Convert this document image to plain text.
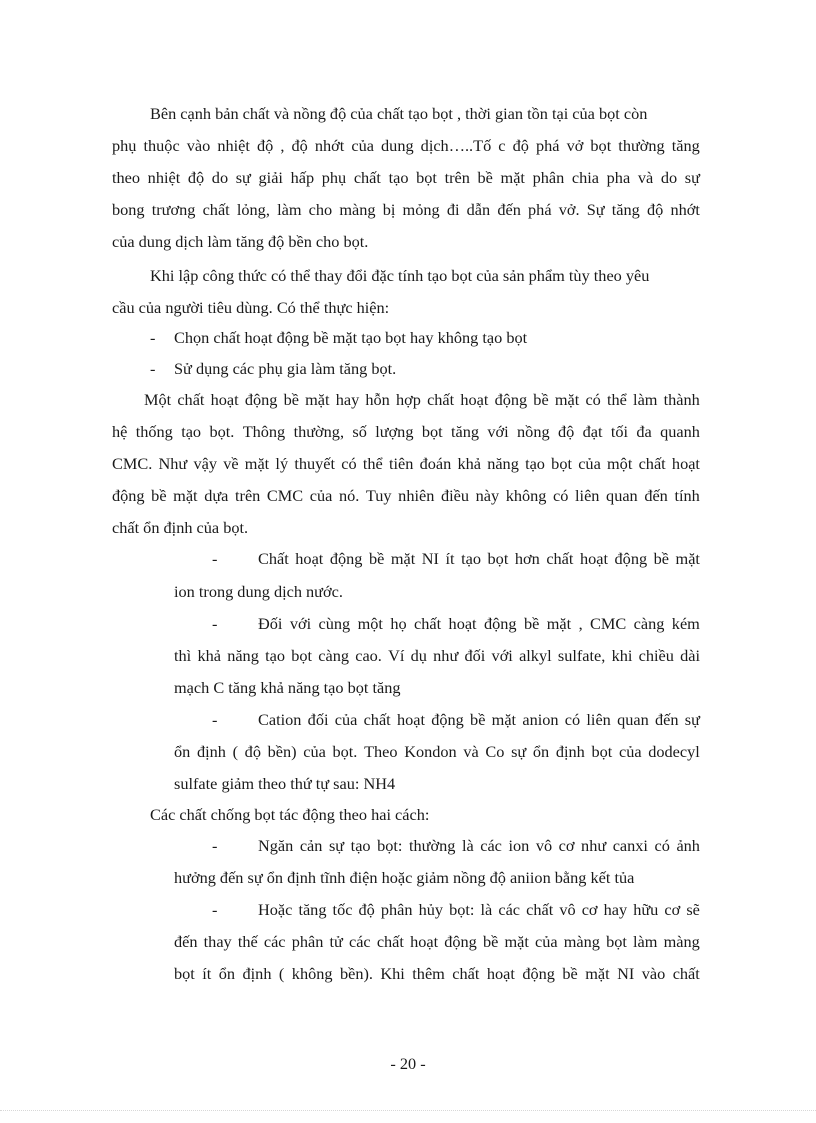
Bên cạnh bản chất và nồng độ của chất tạo bọt , thời gian tồn tại của bọt còn
phụ thuộc vào nhiệt độ , độ nhớt của dung dịch…..Tố c độ phá vở bọt thường tăng
theo nhiệt độ do sự giải hấp phụ chất tạo bọt trên bề mặt phân chia pha và do sự
bong trương chất lỏng, làm cho màng bị mỏng đi dẫn đến phá vở. Sự tăng độ nhớt
của dung dịch làm tăng độ bền cho bọt.
Khi lập công thức có thể thay đổi đặc tính tạo bọt của sản phẩm tùy theo yêu
cầu của người tiêu dùng. Có thể thực hiện:
- Chọn chất hoạt động bề mặt tạo bọt hay không tạo bọt
- Sử dụng các phụ gia làm tăng bọt.
Một chất hoạt động bề mặt hay hỗn hợp chất hoạt động bề mặt có thể làm thành
hệ thống tạo bọt. Thông thường, số lượng bọt tăng với nồng độ đạt tối đa quanh
CMC. Như vậy về mặt lý thuyết có thể tiên đoán khả năng tạo bọt của một chất hoạt
động bề mặt dựa trên CMC của nó. Tuy nhiên điều này không có liên quan đến tính
chất ổn định của bọt.
- Chất hoạt động bề mặt NI ít tạo bọt hơn chất hoạt động bề mặt
ion trong dung dịch nước.
- Đối với cùng một họ chất hoạt động bề mặt , CMC càng kém
thì khả năng tạo bọt càng cao. Ví dụ như đối với alkyl sulfate, khi chiều dài
mạch C tăng khả năng tạo bọt tăng
- Cation đối của chất hoạt động bề mặt anion có liên quan đến sự
ổn định ( độ bền) của bọt. Theo Kondon và Co sự ổn định bọt của dodecyl
sulfate giảm theo thứ tự sau: NH4
Các chất chống bọt tác động theo hai cách:
- Ngăn cản sự tạo bọt: thường là các ion vô cơ như canxi có ảnh
hưởng đến sự ổn định tĩnh điện hoặc giảm nồng độ aniion bằng kết tủa
- Hoặc tăng tốc độ phân hủy bọt: là các chất vô cơ hay hữu cơ sẽ
đến thay thế các phân tử các chất hoạt động bề mặt của màng bọt làm màng
bọt ít ổn định ( không bền). Khi thêm chất hoạt động bề mặt NI vào chất
- 20 -
